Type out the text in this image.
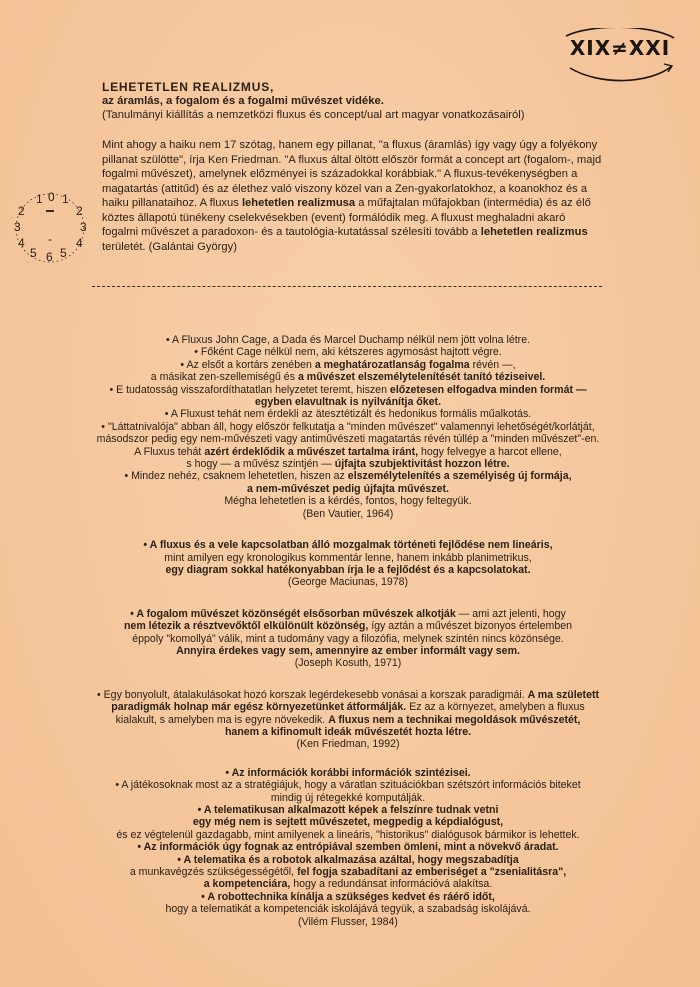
XIX≠XXI
1 0 1
2	2
3	3
4	4
5 6 5
-
LEHETETLEN REALIZMUS,
az áramlás, a fogalom és a fogalmi művészet vidéke.
(Tanulmányi kiállítás a nemzetközi fluxus és concept/ual art magyar vonatkozásairól)
Mint ahogy a haiku nem 17 szótag, hanem egy pillanat, "a fluxus (áramlás) így vagy úgy a folyékony pillanat szülötte", írja Ken Friedman. "A fluxus által öltött először formát a concept art (fogalom-, majd fogalmi művészet), amelynek előzményei is századokkal korábbiak." A fluxus-tevékenységben a magatartás (attitűd) és az élethez való viszony közel van a Zen-gyakorlatokhoz, a koanokhoz és a haiku pillanataihoz. A fluxus lehetetlen realizmusa a műfajtalan műfajokban (intermédia) és az élő köztes állapotú tünékeny cselekvésekben (event) formálódik meg. A fluxust meghaladni akaró fogalmi művészet a paradoxon- és a tautológia-kutatással szélesíti tovább a lehetetlen realizmus területét. (Galántai György)

• A Fluxus John Cage, a Dada és Marcel Duchamp nélkül nem jött volna létre.

• Főként Cage nélkül nem, aki kétszeres agymosást hajtott végre.

• Az elsőt a kortárs zenében a meghatározatlanság fogalma révén —,

a másikat zen-szellemiségű és a művészet elszemélytelenítését tanító téziseivel.

• E tudatosság visszafordíthatatlan helyzetet teremt, hiszen előzetesen elfogadva minden formát —

egyben elavultnak is nyilvánítja őket.

• A Fluxust tehát nem érdekli az ätesztétizált és hedonikus formális műalkotás.

• "Láttatnivalója" abban áll, hogy először felkutatja a "minden művészet" valamennyi lehetőségét/korlátját,

másodszor pedig egy nem-művészeti vagy antiművészeti magatartás révén túllép a "minden művészet"-en.

A Fluxus tehát azért érdeklődik a művészet tartalma iránt, hogy felvegye a harcot ellene,

s hogy — a művész szintjén — újfajta szubjektivitást hozzon létre.

• Mindez nehéz, csaknem lehetetlen, hiszen az elszemélytelenítés a személyiség új formája,

a nem-művészet pedig újfajta művészet.

Mégha lehetetlen is a kérdés, fontos, hogy feltegyük.

(Ben Vautier, 1964)

• A fluxus és a vele kapcsolatban álló mozgalmak történeti fejlődése nem lineáris,

mint amilyen egy kronologikus kommentár lenne, hanem inkább planimetrikus,

egy diagram sokkal hatékonyabban írja le a fejlődést és a kapcsolatokat.

(George Maciunas, 1978)

• A fogalom művészet közönségét elsősorban művészek alkotják — ami azt jelenti, hogy

nem létezik a résztvevőktől elkülönült közönség, így aztán a művészet bizonyos értelemben

éppoly "komollyá" válik, mint a tudomány vagy a filozófia, melynek szintén nincs közönsége.

Annyira érdekes vagy sem, amennyire az ember informált vagy sem.

(Joseph Kosuth, 1971)

• Egy bonyolult, átalakulásokat hozó korszak legérdekesebb vonásai a korszak paradigmái. A ma született

paradigmák holnap már egész környezetünket átformálják. Ez az a környezet, amelyben a fluxus

kialakult, s amelyben ma is egyre növekedik. A fluxus nem a technikai megoldások művészetét,

hanem a kifinomult ideák művészetét hozta létre.

(Ken Friedman, 1992)

• Az információk korábbi információk szintézisei.

• A játékosoknak most az a stratégiájuk, hogy a váratlan szituációkban szétszórt információs biteket

mindig új rétegekké komputálják.

• A telematikusan alkalmazott képek a felszínre tudnak vetni

egy még nem is sejtett művészetet, megpedig a képdialógust,

és ez végtelenül gazdagabb, mint amilyenek a lineáris, "historikus" dialógusok bármikor is lehettek.

• Az információk úgy fognak az entrópiával szemben ömleni, mint a növekvő áradat.

• A telematika és a robotok alkalmazása azáltal, hogy megszabadítja

a munkavégzés szükségességétől, fel fogja szabadítani az emberiséget a "zsenialitásra",

a kompetenciára, hogy a redundánsat információvá alakítsa.

• A robottechnika kínálja a szükséges kedvet és ráérő időt,

hogy a telematikát a kompetenciák iskolájává tegyük, a szabadság iskolájává.

(Vilém Flusser, 1984)
